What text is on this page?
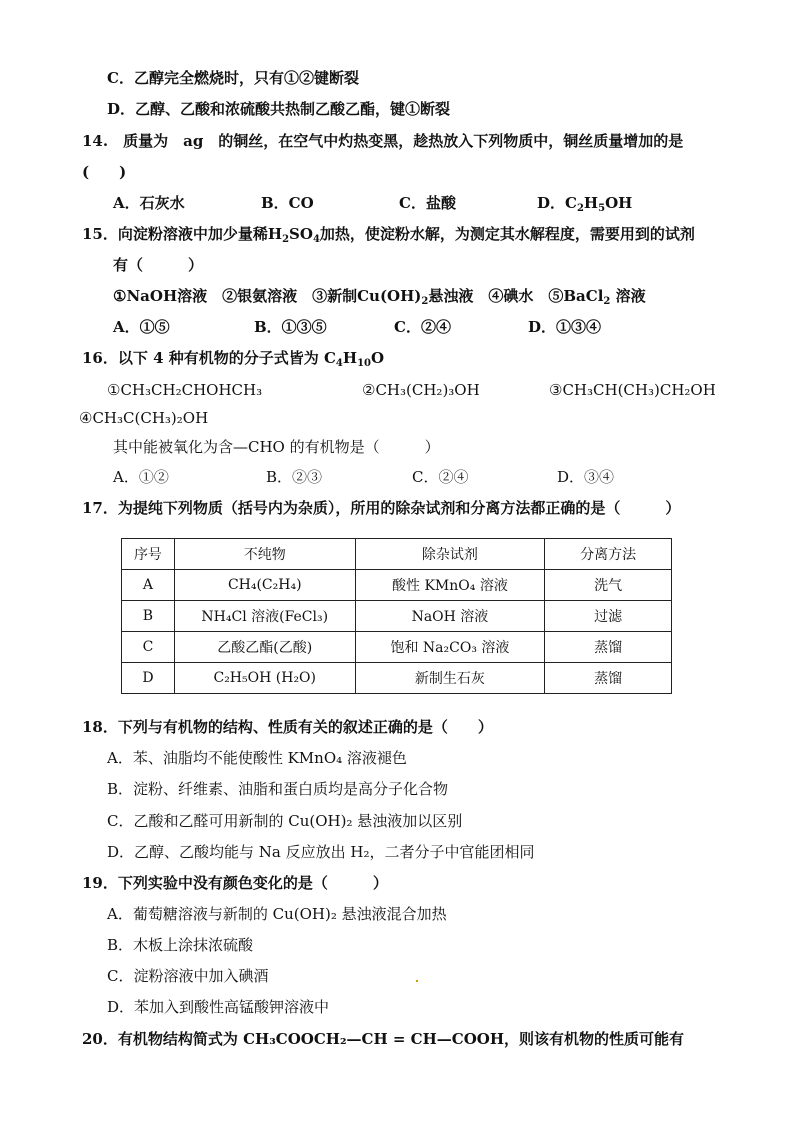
C．乙醇完全燃烧时，只有①②键断裂
D．乙醇、乙酸和浓硫酸共热制乙酸乙酯，键①断裂
14.　质量为　ag　的铜丝，在空气中灼热变黑，趁热放入下列物质中，铜丝质量增加的是
(　　)
A．石灰水	B．CO	C．盐酸	D．$C_2H_5OH$
15．向淀粉溶液中加少量稀$H_2SO_4$加热，使淀粉水解，为测定其水解程度，需要用到的试剂
有（　　　）
①NaOH溶液　②银氨溶液　③新制$Cu(OH)_2$悬浊液　④碘水　⑤BaCl$_2$ 溶液
A．①⑤	B．①③⑤	C．②④	D．①③④
16．以下 4 种有机物的分子式皆为 $C_4H_{10}O$
①CH₃CH₂CHOHCH₃	②CH₃(CH₂)₃OH	③CH₃CH(CH₃)CH₂OH
④CH₃C(CH₃)₂OH
其中能被氧化为含—CHO 的有机物是（　　　）
A．①②	B．②③	C．②④	D．③④
17．为提纯下列物质（括号内为杂质），所用的除杂试剂和分离方法都正确的是（　　　）
序号	不纯物	除杂试剂	分离方法
A	CH₄(C₂H₄)	酸性 KMnO₄ 溶液	洗气
B	NH₄Cl 溶液(FeCl₃)	NaOH 溶液	过滤
C	乙酸乙酯(乙酸)	饱和 Na₂CO₃ 溶液	蒸馏
D	C₂H₅OH (H₂O)	新制生石灰	蒸馏
18．下列与有机物的结构、性质有关的叙述正确的是（　　）
A．苯、油脂均不能使酸性 KMnO₄ 溶液褪色
B．淀粉、纤维素、油脂和蛋白质均是高分子化合物
C．乙酸和乙醛可用新制的 Cu(OH)₂ 悬浊液加以区别
D．乙醇、乙酸均能与 Na 反应放出 H₂，二者分子中官能团相同
19．下列实验中没有颜色变化的是（　　　）
A．葡萄糖溶液与新制的 Cu(OH)₂ 悬浊液混合加热
B．木板上涂抹浓硫酸
C．淀粉溶液中加入碘酒
D．苯加入到酸性高锰酸钾溶液中
20．有机物结构简式为 CH₃COOCH₂—CH = CH—COOH，则该有机物的性质可能有
